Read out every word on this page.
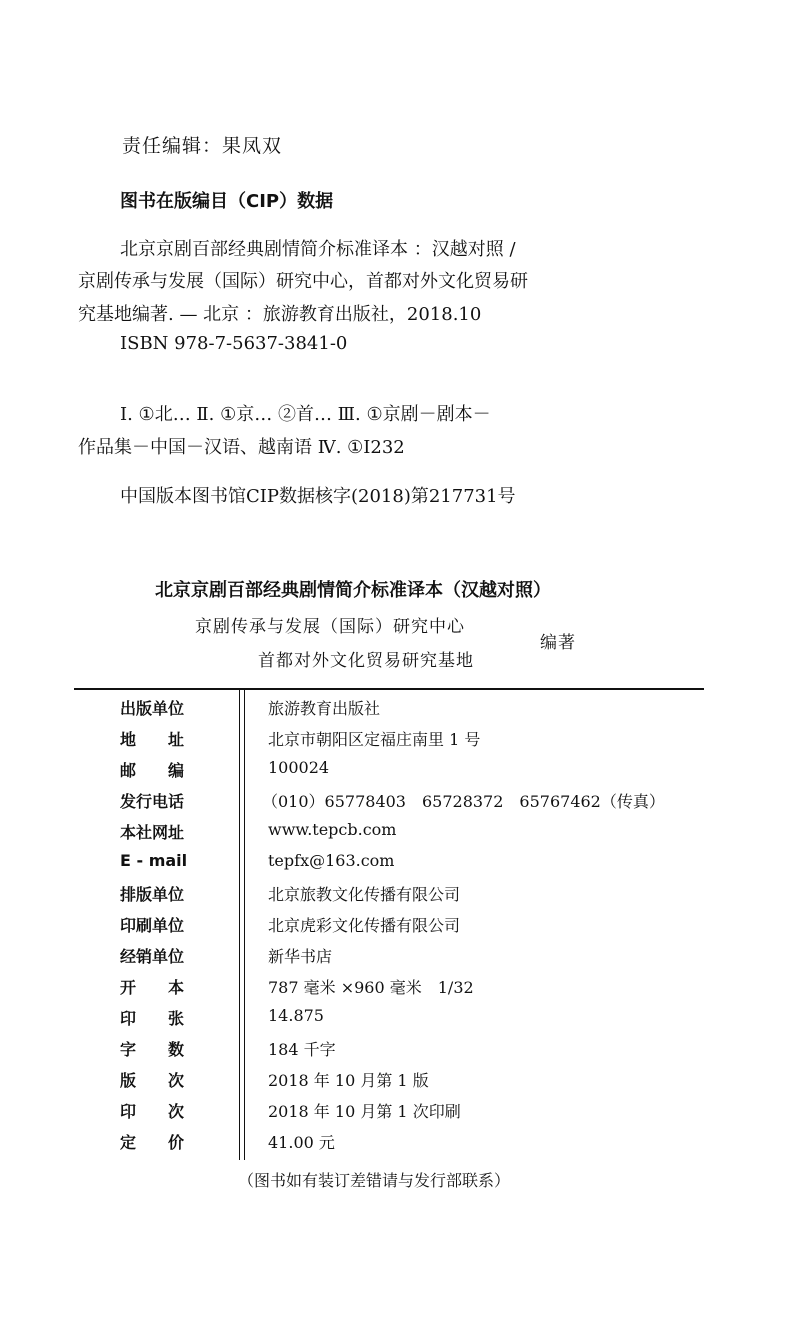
责任编辑：果凤双
图书在版编目（CIP）数据
北京京剧百部经典剧情简介标准译本 ：汉越对照 /
京剧传承与发展（国际）研究中心，首都对外文化贸易研
究基地编著. — 北京 ：旅游教育出版社，2018.10
ISBN 978-7-5637-3841-0
Ⅰ. ①北… Ⅱ. ①京… ②首… Ⅲ. ①京剧－剧本－
作品集－中国－汉语、越南语 Ⅳ. ①I232
中国版本图书馆CIP数据核字(2018)第217731号
北京京剧百部经典剧情简介标准译本（汉越对照）
京剧传承与发展（国际）研究中心
首都对外文化贸易研究基地
编著
出版单位	旅游教育出版社
地　　址	北京市朝阳区定福庄南里 1 号
邮　　编	100024
发行电话	（010）65778403　65728372　65767462（传真）
本社网址	www.tepcb.com
E - mail	tepfx@163.com
排版单位	北京旅教文化传播有限公司
印刷单位	北京虎彩文化传播有限公司
经销单位	新华书店
开　　本	787 毫米 ×960 毫米　1/32
印　　张	14.875
字　　数	184 千字
版　　次	2018 年 10 月第 1 版
印　　次	2018 年 10 月第 1 次印刷
定　　价	41.00 元
（图书如有装订差错请与发行部联系）
